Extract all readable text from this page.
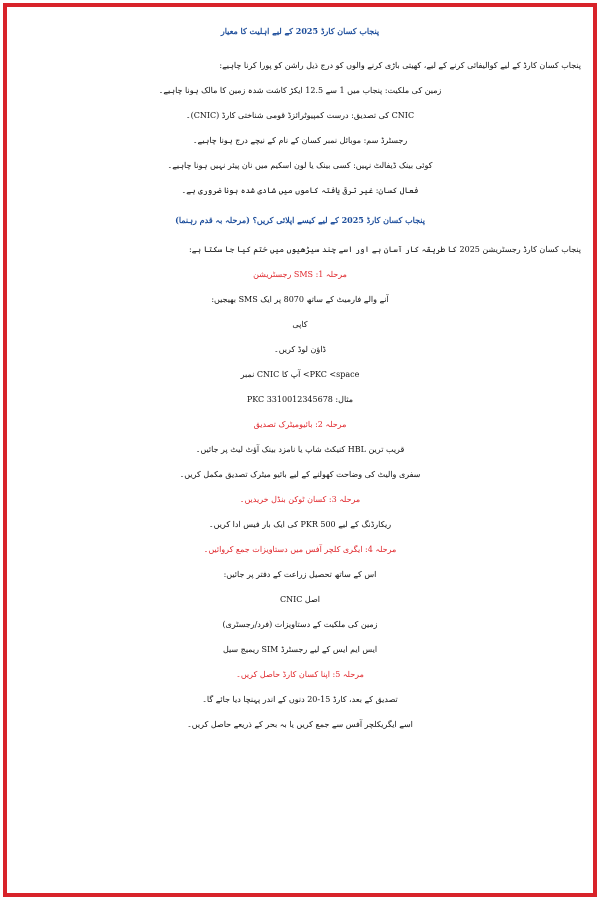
پنجاب کسان کارڈ 2025 کے لیے اہلیت کا معیار
پنجاب کسان کارڈ کے لیے کوالیفائی کرنے کے لیے، کھیتی باڑی کرنے والوں کو درج ذیل راشن کو پورا کرنا چاہیے:
زمین کی ملکیت: پنجاب میں 1 سے 12.5 ایکڑ کاشت شدہ زمین کا مالک ہونا چاہیے۔
CNIC کی تصدیق: درست کمپیوٹرائزڈ قومی شناختی کارڈ (CNIC)۔
رجسٹرڈ سم: موبائل نمبر کسان کے نام کے نیچے درج ہونا چاہیے۔
کوئی بینک ڈیفالٹ نہیں: کسی بینک یا لون اسکیم میں نان پیئر نہیں ہونا چاہیے۔
فعال کسان: غیر ترقی یافتہ کاموں میں شادی شدہ ہونا ضروری ہے۔
پنجاب کسان کارڈ 2025 کے لیے کیسے اپلائی کریں؟ (مرحلہ بہ قدم رہنما)
پنجاب کسان کارڈ رجسٹریشن 2025 کا طریقہ کار آسان ہے اور اسے چند سیڑھیوں میں ختم کیا جا سکتا ہے:
مرحلہ 1: SMS رجسٹریشن
آنے والے فارمیٹ کے ساتھ 8070 پر ایک SMS بھیجیں:
کاپی
ڈاؤن لوڈ کریں۔
PKC <space> آپ کا CNIC نمبر
مثال: PKC 3310012345678
مرحلہ 2: بائیومیٹرک تصدیق
قریب ترین HBL کنیکٹ شاپ یا نامزد بینک آؤٹ لیٹ پر جائیں۔
سفری والیٹ کی وضاحت کھولنے کے لیے بائیو میٹرک تصدیق مکمل کریں۔
مرحلہ 3: کسان ٹوکن بنڈل خریدیں۔
ریکارڈنگ کے لیے PKR 500 کی ایک بار فیس ادا کریں۔
مرحلہ 4: ایگری کلچر آفس میں دستاویزات جمع کروائیں۔
اس کے ساتھ تحصیل زراعت کے دفتر پر جائیں:
اصل CNIC
زمین کی ملکیت کے دستاویزات (فرد/رجسٹری)
ایس ایم ایس کے لیے رجسٹرڈ SIM ریمیج سیل
مرحلہ 5: اپنا کسان کارڈ حاصل کریں۔
تصدیق کے بعد، کارڈ 15-20 دنوں کے اندر پہنچا دیا جائے گا۔
اسے ایگریکلچر آفس سے جمع کریں یا بہ بحر کے ذریعے حاصل کریں۔
